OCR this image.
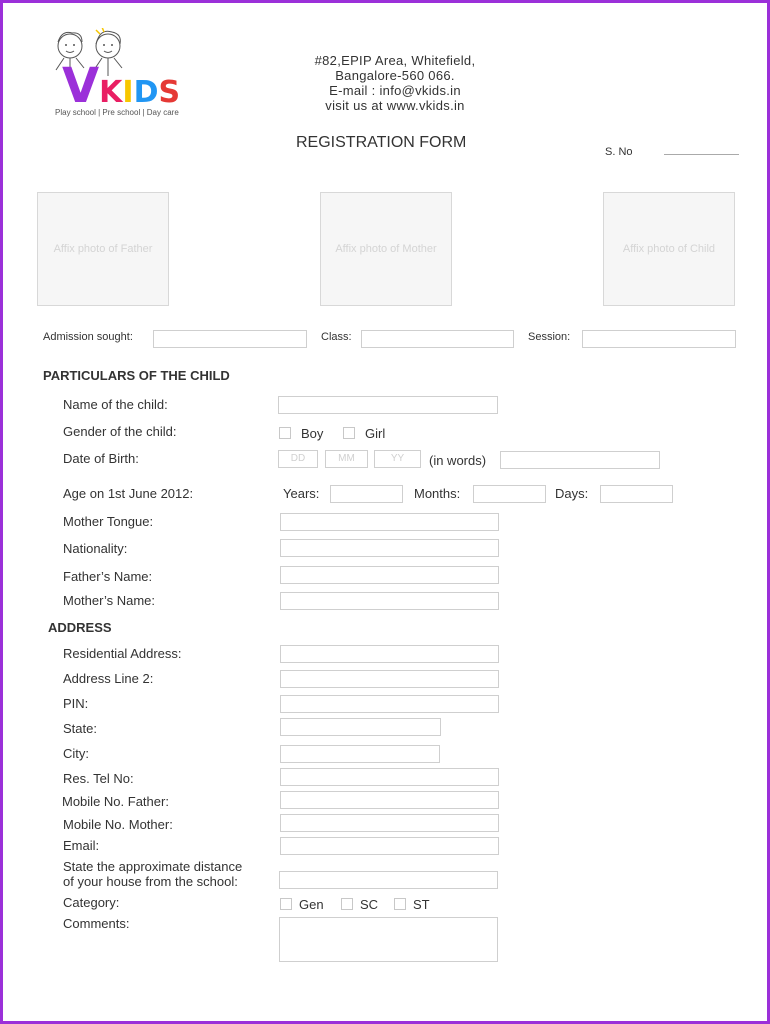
VKIDS
Play school | Pre school | Day care
#82,EPIP Area, Whitefield,
Bangalore-560 066.
E-mail : info@vkids.in
visit us at www.vkids.in
REGISTRATION FORM
S. No
Affix photo of Father	Affix photo of Mother	Affix photo of Child
Admission sought:	Class:	Session:
PARTICULARS OF THE CHILD
Name of the child:
Gender of the child:	Boy	Girl
Date of Birth:	DD	MM	YY	(in words)
Age on 1st June 2012:	Years:	Months:	Days:
Mother Tongue:
Nationality:
Father’s Name:
Mother’s Name:
ADDRESS
Residential Address:
Address Line 2:
PIN:
State:
City:
Res. Tel No:
Mobile No. Father:
Mobile No. Mother:
Email:
State the approximate distance
of your house from the school:
Category:	Gen	SC	ST
Comments:
